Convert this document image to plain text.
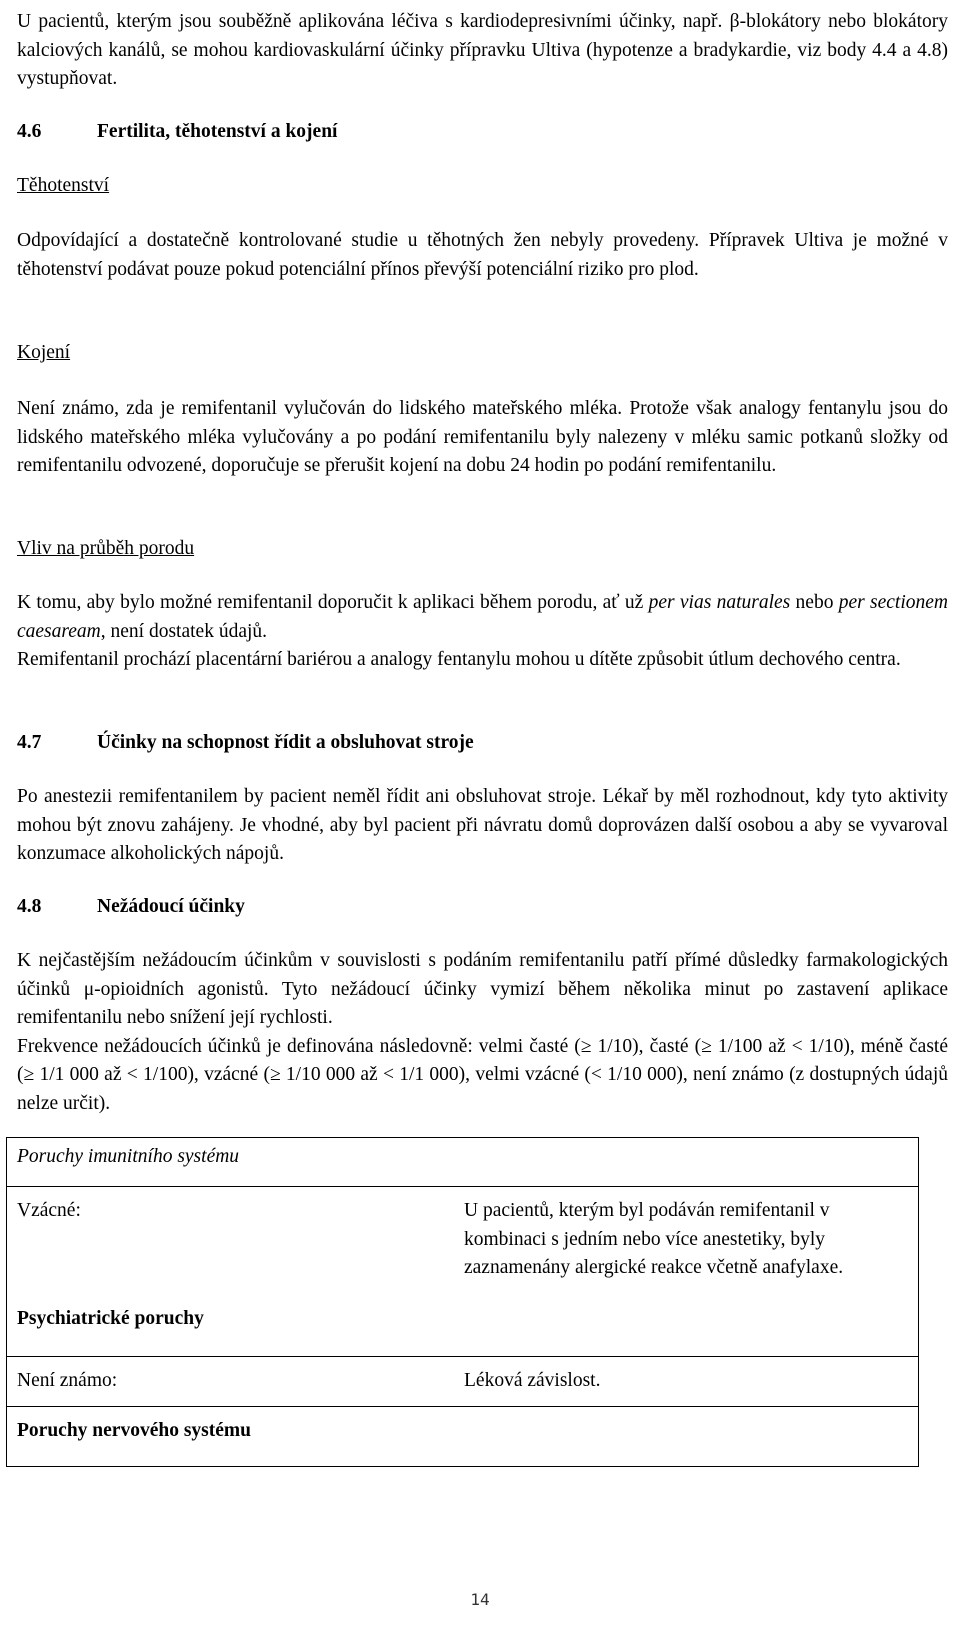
U pacientů, kterým jsou souběžně aplikována léčiva s kardiodepresivními účinky, např. β-blokátory nebo blokátory kalciových kanálů, se mohou kardiovaskulární účinky přípravku Ultiva (hypotenze a bradykardie, viz body 4.4 a 4.8) vystupňovat.

4.6	Fertilita, těhotenství a kojení

Těhotenství

Odpovídající a dostatečně kontrolované studie u těhotných žen nebyly provedeny. Přípravek Ultiva je možné v těhotenství podávat pouze pokud potenciální přínos převýší potenciální riziko pro plod.

Kojení

Není známo, zda je remifentanil vylučován do lidského mateřského mléka. Protože však analogy fentanylu jsou do lidského mateřského mléka vylučovány a po podání remifentanilu byly nalezeny v mléku samic potkanů složky od remifentanilu odvozené, doporučuje se přerušit kojení na dobu 24 hodin po podání remifentanilu.

Vliv na průběh porodu

K tomu, aby bylo možné remifentanil doporučit k aplikaci během porodu, ať už per vias naturales nebo per sectionem caesaream, není dostatek údajů.

Remifentanil prochází placentární bariérou a analogy fentanylu mohou u dítěte způsobit útlum dechového centra.

4.7	Účinky na schopnost řídit a obsluhovat stroje

Po anestezii remifentanilem by pacient neměl řídit ani obsluhovat stroje. Lékař by měl rozhodnout, kdy tyto aktivity mohou být znovu zahájeny. Je vhodné, aby byl pacient při návratu domů doprovázen další osobou a aby se vyvaroval konzumace alkoholických nápojů.

4.8	Nežádoucí účinky

K nejčastějším nežádoucím účinkům v souvislosti s podáním remifentanilu patří přímé důsledky farmakologických účinků μ-opioidních agonistů. Tyto nežádoucí účinky vymizí během několika minut po zastavení aplikace remifentanilu nebo snížení její rychlosti.

Frekvence nežádoucích účinků je definována následovně: velmi časté (≥ 1/10), časté (≥ 1/100 až < 1/10), méně časté (≥ 1/1 000 až < 1/100), vzácné (≥ 1/10 000 až < 1/1 000), velmi vzácné (< 1/10 000), není známo (z dostupných údajů nelze určit).

Poruchy imunitního systému
Vzácné:	U pacientů, kterým byl podáván remifentanil v kombinaci s jedním nebo více anestetiky, byly zaznamenány alergické reakce včetně anafylaxe.
Psychiatrické poruchy
Není známo:	Léková závislost.
Poruchy nervového systému
14
